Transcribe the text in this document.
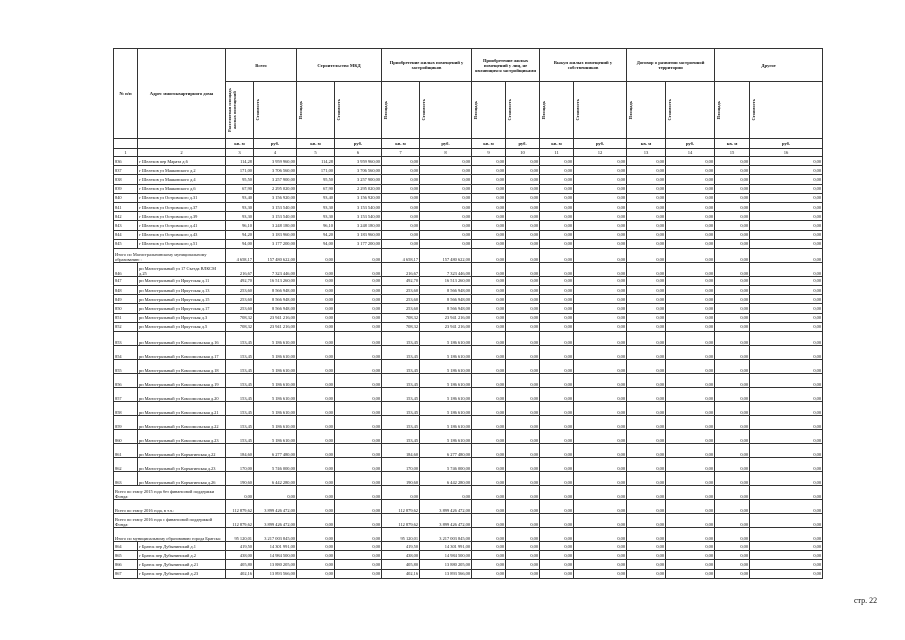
№ п/п	Адрес многоквартирного дома	Всего		Строительство МКД		Приобретение жилых помещений у застройщиков		Приобретение жилых помещений у лиц, не являющихся застройщиками		Выкуп жилых помещений у собственников		Договор о развитии застроенной территории		Другое	

		Расселяемая площадь жилых помещений	Стоимость	Площадь	Стоимость	Площадь	Стоимость	Площадь	Стоимость	Площадь	Стоимость	Площадь	Стоимость	Площадь	Стоимость

		кв. м	руб.	кв. м	руб.	кв. м	руб.	кв. м	руб.	кв. м	руб.	кв. м	руб.	кв. м	руб.
1	2	3	4	5	6	7	8	9	10	11	12	13	14	15	16
836	г Шелехов пер Марата д.6	114,28	3 959 960,00	114,28	3 959 960,00	0,00	0,00	0,00	0,00	0,00	0,00	0,00	0,00	0,00	0,00
837	г Шелехов ул Маяковского д.2	171,00	3 706 560,00	171,00	3 706 560,00	0,00	0,00	0,00	0,00	0,00	0,00	0,00	0,00	0,00	0,00
838	г Шелехов ул Маяковского д.4	95,50	3 257 900,00	95,50	3 257 900,00	0,00	0,00	0,00	0,00	0,00	0,00	0,00	0,00	0,00	0,00
839	г Шелехов ул Маяковского д.6	67,90	2 295 020,00	67,90	2 295 020,00	0,00	0,00	0,00	0,00	0,00	0,00	0,00	0,00	0,00	0,00
840	г Шелехов ул Островского д.31	93,40	3 156 920,00	93,40	3 156 920,00	0,00	0,00	0,00	0,00	0,00	0,00	0,00	0,00	0,00	0,00
841	г Шелехов ул Островского д.37	93,30	3 153 540,00	93,30	3 153 540,00	0,00	0,00	0,00	0,00	0,00	0,00	0,00	0,00	0,00	0,00
842	г Шелехов ул Островского д.39	93,30	3 153 540,00	93,30	3 153 540,00	0,00	0,00	0,00	0,00	0,00	0,00	0,00	0,00	0,00	0,00
843	г Шелехов ул Островского д.41	96,10	3 248 180,00	96,10	3 248 180,00	0,00	0,00	0,00	0,00	0,00	0,00	0,00	0,00	0,00	0,00
844	г Шелехов ул Островского д.43	94,20	3 183 960,00	94,20	3 183 960,00	0,00	0,00	0,00	0,00	0,00	0,00	0,00	0,00	0,00	0,00
845	г Шелехов ул Островского д.51	94,00	3 177 200,00	94,00	3 177 200,00	0,00	0,00	0,00	0,00	0,00	0,00	0,00	0,00	0,00	0,00
Итого по Магистральнинскому муниципальному образованию :		4 658,17	157 480 622,00	0,00	0,00	4 658,17	157 480 622,00	0,00	0,00	0,00	0,00	0,00	0,00	0,00	0,00
846	рп Магистральный ул 17 Съезда ВЛКСМ д.25	216,67	7 323 446,00	0,00	0,00	216,67	7 323 446,00	0,00	0,00	0,00	0,00	0,00	0,00	0,00	0,00
847	рп Магистральный ул Иркутская д.11	492,70	16 513 260,00	0,00	0,00	492,70	16 513 260,00	0,00	0,00	0,00	0,00	0,00	0,00	0,00	0,00
848	рп Магистральный ул Иркутская д.13	253,60	8 566 948,00	0,00	0,00	253,60	8 566 948,00	0,00	0,00	0,00	0,00	0,00	0,00	0,00	0,00
849	рп Магистральный ул Иркутская д.15	253,60	8 566 948,00	0,00	0,00	253,60	8 566 948,00	0,00	0,00	0,00	0,00	0,00	0,00	0,00	0,00
850	рп Магистральный ул Иркутская д.17	253,60	8 566 948,00	0,00	0,00	253,60	8 566 948,00	0,00	0,00	0,00	0,00	0,00	0,00	0,00	0,00
851	рп Магистральный ул Иркутская д.3	708,32	23 941 216,00	0,00	0,00	708,32	23 941 216,00	0,00	0,00	0,00	0,00	0,00	0,00	0,00	0,00
852	рп Магистральный ул Иркутская д.5	708,32	23 941 216,00	0,00	0,00	708,32	23 941 216,00	0,00	0,00	0,00	0,00	0,00	0,00	0,00	0,00
853	рп Магистральный ул Комсомольская д.16	153,45	5 186 610,00	0,00	0,00	153,45	5 186 610,00	0,00	0,00	0,00	0,00	0,00	0,00	0,00	0,00
854	рп Магистральный ул Комсомольская д.17	153,45	5 186 610,00	0,00	0,00	153,45	5 186 610,00	0,00	0,00	0,00	0,00	0,00	0,00	0,00	0,00
855	рп Магистральный ул Комсомольская д.18	153,45	5 186 610,00	0,00	0,00	153,45	5 186 610,00	0,00	0,00	0,00	0,00	0,00	0,00	0,00	0,00
856	рп Магистральный ул Комсомольская д.19	153,45	5 186 610,00	0,00	0,00	153,45	5 186 610,00	0,00	0,00	0,00	0,00	0,00	0,00	0,00	0,00
857	рп Магистральный ул Комсомольская д.20	153,45	5 186 610,00	0,00	0,00	153,45	5 186 610,00	0,00	0,00	0,00	0,00	0,00	0,00	0,00	0,00
858	рп Магистральный ул Комсомольская д.21	153,45	5 186 610,00	0,00	0,00	153,45	5 186 610,00	0,00	0,00	0,00	0,00	0,00	0,00	0,00	0,00
859	рп Магистральный ул Комсомольская д.22	153,45	5 186 610,00	0,00	0,00	153,45	5 186 610,00	0,00	0,00	0,00	0,00	0,00	0,00	0,00	0,00
860	рп Магистральный ул Комсомольская д.23	153,45	5 186 610,00	0,00	0,00	153,45	5 186 610,00	0,00	0,00	0,00	0,00	0,00	0,00	0,00	0,00
861	рп Магистральный ул Корчагинская д.22	184,60	6 277 480,00	0,00	0,00	184,60	6 277 480,00	0,00	0,00	0,00	0,00	0,00	0,00	0,00	0,00
862	рп Магистральный ул Корчагинская д.23	170,00	5 746 000,00	0,00	0,00	170,00	5 746 000,00	0,00	0,00	0,00	0,00	0,00	0,00	0,00	0,00
863	рп Магистральный ул Корчагинская д.26	190,60	6 442 280,00	0,00	0,00	190,60	6 442 280,00	0,00	0,00	0,00	0,00	0,00	0,00	0,00	0,00
Всего по этапу 2015 года без финансовой поддержки Фонда:		0,00	0,00	0,00	0,00	0,00	0,00	0,00	0,00	0,00	0,00	0,00	0,00	0,00	0,00
Всего по этапу 2016 года, в т.ч.:		112 879,62	3 899 426 472,00	0,00	0,00	112 879,62	3 899 426 472,00	0,00	0,00	0,00	0,00	0,00	0,00	0,00	0,00
Всего по этапу 2016 года с финансовой поддержкой Фонда:		112 879,62	3 899 426 472,00	0,00	0,00	112 879,62	3 899 426 472,00	0,00	0,00	0,00	0,00	0,00	0,00	0,00	0,00
Итого по муниципальному образованию города Братска:		95 120,01	3 217 003 845,00	0,00	0,00	95 120,01	3 217 003 845,00	0,00	0,00	0,00	0,00	0,00	0,00	0,00	0,00
864	г Братск пер Дубынинский д.1	419,50	14 301 991,00	0,00	0,00	419,50	14 301 991,00	0,00	0,00	0,00	0,00	0,00	0,00	0,00	0,00
865	г Братск пер Дубынинский д.2	438,00	14 984 500,00	0,00	0,00	438,00	14 984 500,00	0,00	0,00	0,00	0,00	0,00	0,00	0,00	0,00
866	г Братск пер Дубынинский д.21	405,80	13 880 205,00	0,00	0,00	405,80	13 880 205,00	0,00	0,00	0,00	0,00	0,00	0,00	0,00	0,00
867	г Братск пер Дубынинский д.23	402,16	13 893 566,00	0,00	0,00	402,16	13 893 566,00	0,00	0,00	0,00	0,00	0,00	0,00	0,00	0,00
стр. 22
